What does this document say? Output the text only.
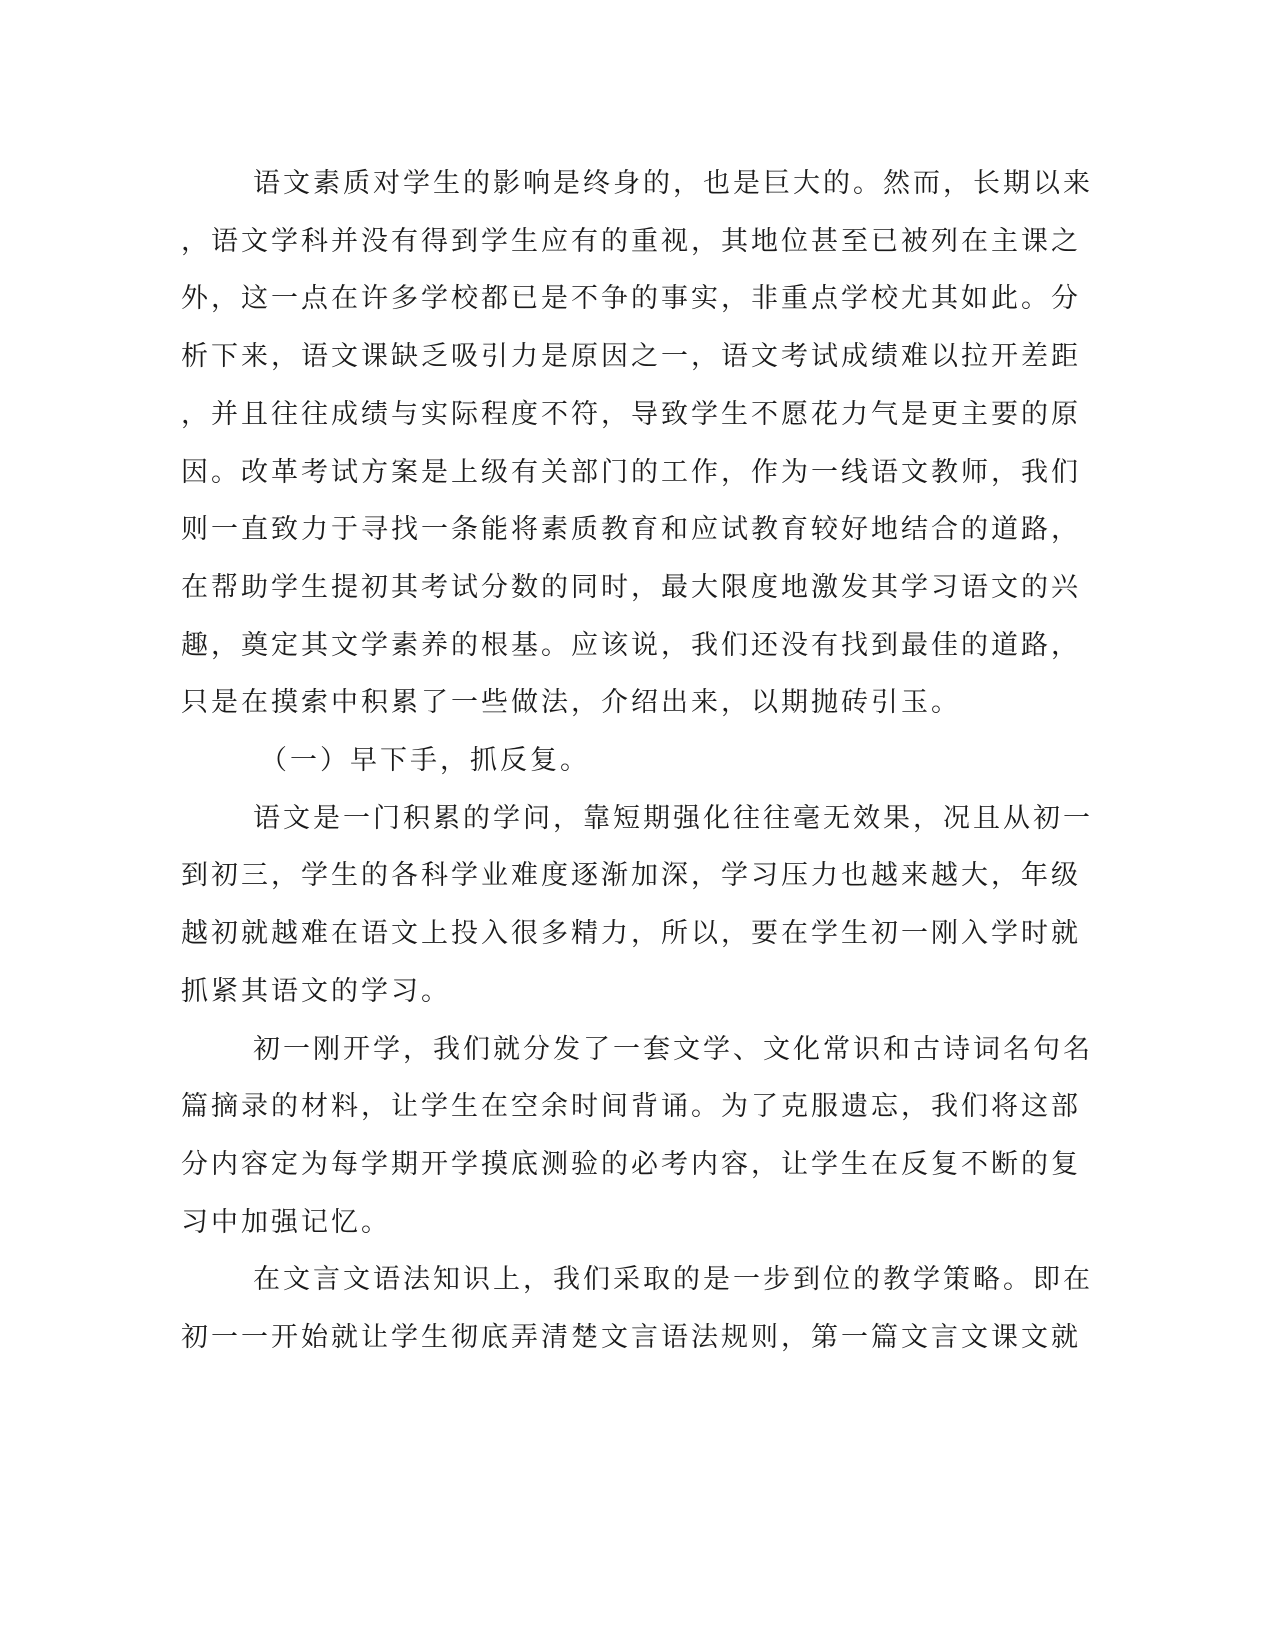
语文素质对学生的影响是终身的，也是巨大的。然而，长期以来

，语文学科并没有得到学生应有的重视，其地位甚至已被列在主课之

外，这一点在许多学校都已是不争的事实，非重点学校尤其如此。分

析下来，语文课缺乏吸引力是原因之一，语文考试成绩难以拉开差距

，并且往往成绩与实际程度不符，导致学生不愿花力气是更主要的原

因。改革考试方案是上级有关部门的工作，作为一线语文教师，我们

则一直致力于寻找一条能将素质教育和应试教育较好地结合的道路，

在帮助学生提初其考试分数的同时，最大限度地激发其学习语文的兴

趣，奠定其文学素养的根基。应该说，我们还没有找到最佳的道路，

只是在摸索中积累了一些做法，介绍出来，以期抛砖引玉。

（一）早下手，抓反复。

语文是一门积累的学问，靠短期强化往往毫无效果，况且从初一

到初三，学生的各科学业难度逐渐加深，学习压力也越来越大，年级

越初就越难在语文上投入很多精力，所以，要在学生初一刚入学时就

抓紧其语文的学习。

初一刚开学，我们就分发了一套文学、文化常识和古诗词名句名

篇摘录的材料，让学生在空余时间背诵。为了克服遗忘，我们将这部

分内容定为每学期开学摸底测验的必考内容，让学生在反复不断的复

习中加强记忆。

在文言文语法知识上，我们采取的是一步到位的教学策略。即在

初一一开始就让学生彻底弄清楚文言语法规则，第一篇文言文课文就
